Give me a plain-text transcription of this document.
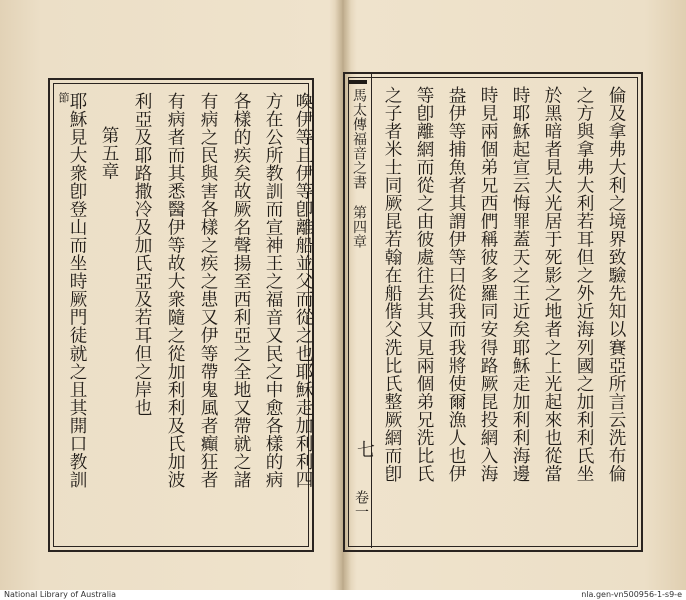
節
耶穌見大衆卽登山而坐時厥門徒就之且其開口教訓 第五章 利亞及耶路撒冷及加氏亞及若耳但之岸也 有病者而其悉醫伊等故大衆隨之從加利利及氏加波 有病之民與害各樣之疾之患又伊等帶鬼風者癲狂者 各樣的疾矣故厥名聲揚至西利亞之全地又帶就之諸 方在公所教訓而宣神王之福音又民之中愈各樣的病 喚伊等且伊等卽離船並父而從之也耶穌走加利利四	馬太傳福音之書
第四章
七
卷一
之子者米士同厥昆若翰在船偕父洗比氏整厥網而卽 等卽離網而從之由彼處往去其又見兩個弟兄洗比氏 盎伊等捕魚者其謂伊等曰從我而我將使爾漁人也伊 時見兩個弟兄西們稱彼多羅同安得路厥昆投網入海 時耶穌起宣云悔罪蓋天之王近矣耶穌走加利利海邊 於黑暗者見大光居于死影之地者之上光起來也從當 之方與拿弗大利若耳但之外近海列國之加利利氏坐 倫及拿弗大利之境界致驗先知以賽亞所言云洗布倫
National Library of Australia	nla.gen-vn500956-1-s9-e
